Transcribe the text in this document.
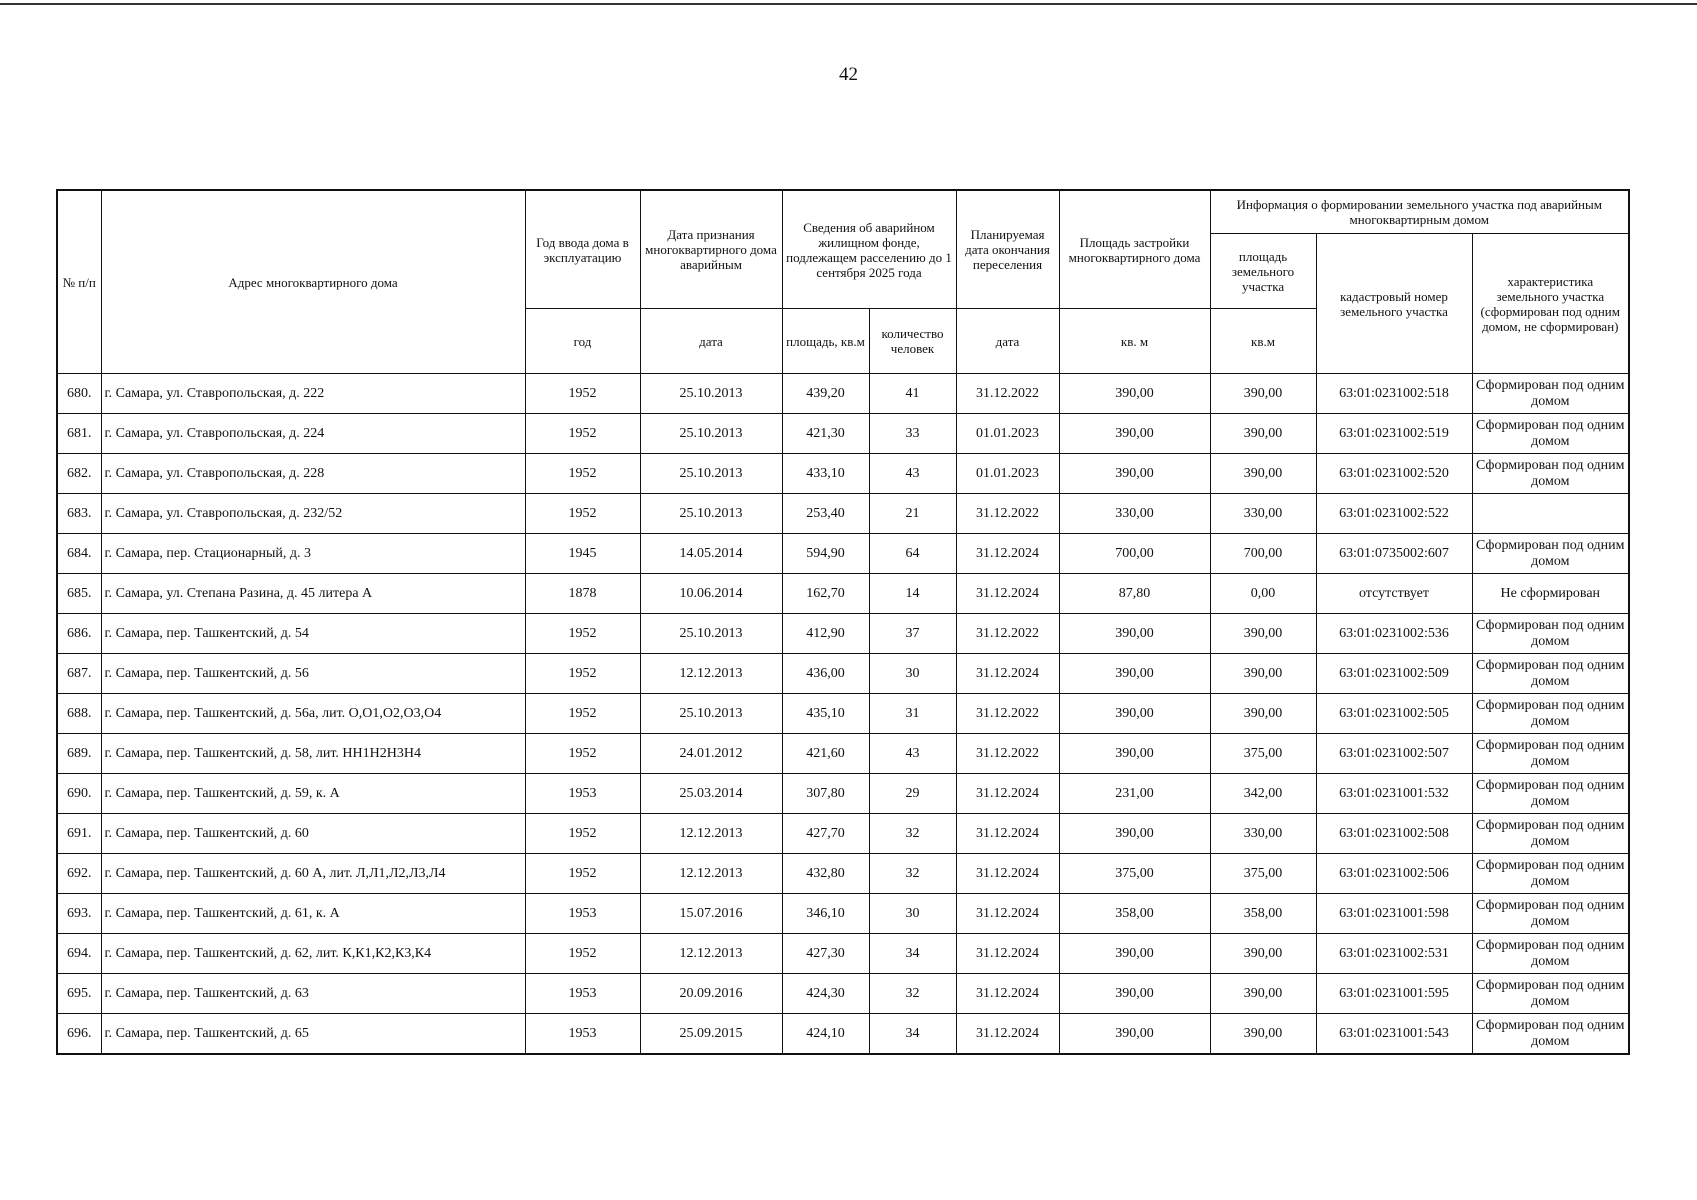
42
№ п/п	Адрес многоквартирного дома	Год ввода дома в эксплуатацию	Дата признания многоквартирного дома аварийным	Сведения об аварийном жилищном фонде, подлежащем расселению до 1 сентября 2025 года		Планируемая дата окончания переселения	Площадь застройки многоквартирного дома	Информация о формировании земельного участка под аварийным многоквартирным домом		
								площадь земельного участка	кадастровый номер земельного участка	характеристика земельного участка (сформирован под одним домом, не сформирован)
		год	дата	площадь, кв.м	количество человек	дата	кв. м	кв.м		
680.	г. Самара, ул. Ставропольская, д. 222	1952	25.10.2013	439,20	41	31.12.2022	390,00	390,00	63:01:0231002:518	Сформирован под одним домом
681.	г. Самара, ул. Ставропольская, д. 224	1952	25.10.2013	421,30	33	01.01.2023	390,00	390,00	63:01:0231002:519	Сформирован под одним домом
682.	г. Самара, ул. Ставропольская, д. 228	1952	25.10.2013	433,10	43	01.01.2023	390,00	390,00	63:01:0231002:520	Сформирован под одним домом
683.	г. Самара, ул. Ставропольская, д. 232/52	1952	25.10.2013	253,40	21	31.12.2022	330,00	330,00	63:01:0231002:522	
684.	г. Самара, пер. Стационарный, д. 3	1945	14.05.2014	594,90	64	31.12.2024	700,00	700,00	63:01:0735002:607	Сформирован под одним домом
685.	г. Самара, ул. Степана Разина, д. 45 литера А	1878	10.06.2014	162,70	14	31.12.2024	87,80	0,00	отсутствует	Не сформирован
686.	г. Самара, пер. Ташкентский, д. 54	1952	25.10.2013	412,90	37	31.12.2022	390,00	390,00	63:01:0231002:536	Сформирован под одним домом
687.	г. Самара, пер. Ташкентский, д. 56	1952	12.12.2013	436,00	30	31.12.2024	390,00	390,00	63:01:0231002:509	Сформирован под одним домом
688.	г. Самара, пер. Ташкентский, д. 56а, лит. О,О1,О2,О3,О4	1952	25.10.2013	435,10	31	31.12.2022	390,00	390,00	63:01:0231002:505	Сформирован под одним домом
689.	г. Самара, пер. Ташкентский, д. 58, лит. НН1Н2Н3Н4	1952	24.01.2012	421,60	43	31.12.2022	390,00	375,00	63:01:0231002:507	Сформирован под одним домом
690.	г. Самара, пер. Ташкентский, д. 59, к. А	1953	25.03.2014	307,80	29	31.12.2024	231,00	342,00	63:01:0231001:532	Сформирован под одним домом
691.	г. Самара, пер. Ташкентский, д. 60	1952	12.12.2013	427,70	32	31.12.2024	390,00	330,00	63:01:0231002:508	Сформирован под одним домом
692.	г. Самара, пер. Ташкентский, д. 60 А, лит. Л,Л1,Л2,Л3,Л4	1952	12.12.2013	432,80	32	31.12.2024	375,00	375,00	63:01:0231002:506	Сформирован под одним домом
693.	г. Самара, пер. Ташкентский, д. 61, к. А	1953	15.07.2016	346,10	30	31.12.2024	358,00	358,00	63:01:0231001:598	Сформирован под одним домом
694.	г. Самара, пер. Ташкентский, д. 62, лит. К,К1,К2,К3,К4	1952	12.12.2013	427,30	34	31.12.2024	390,00	390,00	63:01:0231002:531	Сформирован под одним домом
695.	г. Самара, пер. Ташкентский, д. 63	1953	20.09.2016	424,30	32	31.12.2024	390,00	390,00	63:01:0231001:595	Сформирован под одним домом
696.	г. Самара, пер. Ташкентский, д. 65	1953	25.09.2015	424,10	34	31.12.2024	390,00	390,00	63:01:0231001:543	Сформирован под одним домом
